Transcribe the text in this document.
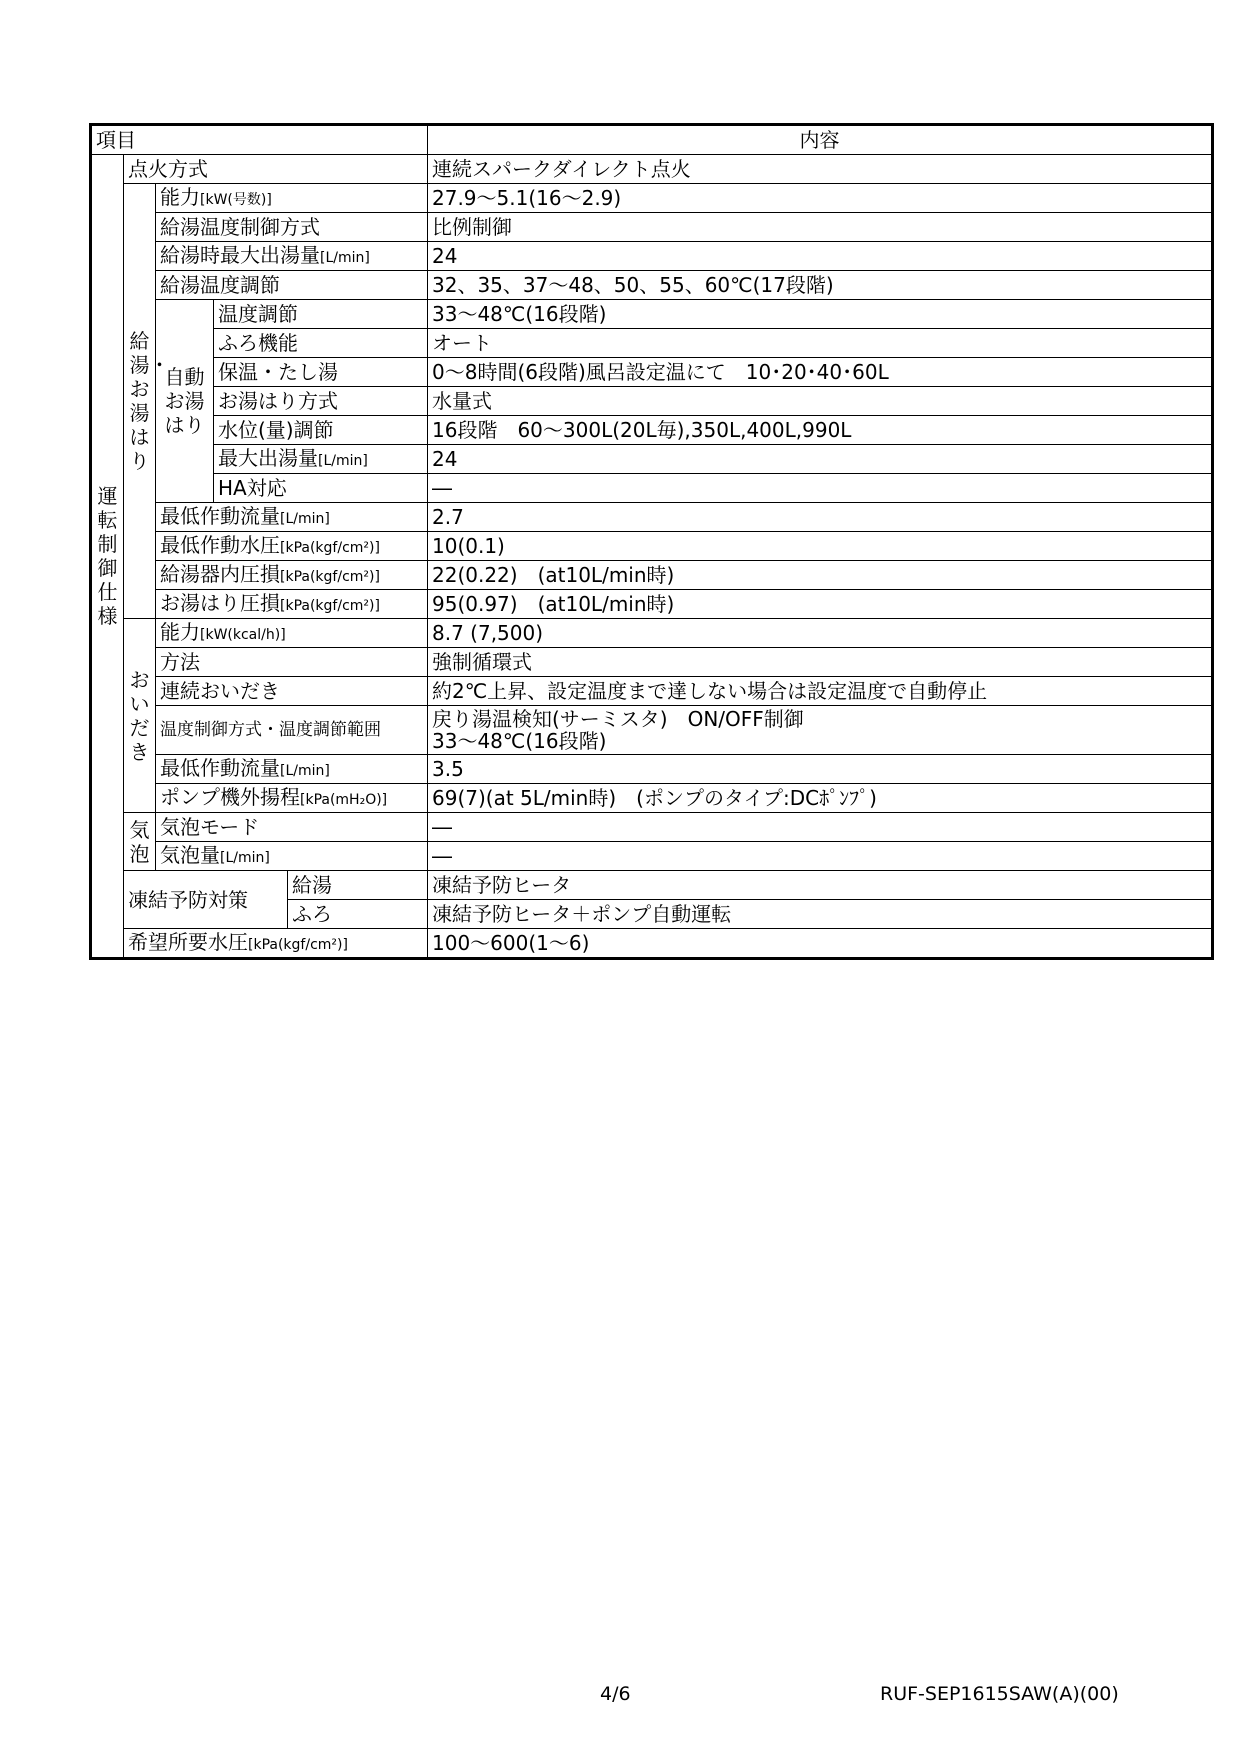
項目					内容

運転制御仕様	点火方式				連続スパークダイレクト点火

	給湯・お湯はり	能力[kW(号数)]			27.9～5.1(16～2.9)
		給湯温度制御方式			比例制御
		給湯時最大出湯量[L/min]			24
		給湯温度調節			32、35、37～48、50、55、60℃(17段階)

		自動
お湯
はり	温度調節		33～48℃(16段階)
			ふろ機能		オート
			保温・たし湯		0～8時間(6段階)風呂設定温にて　10･20･40･60L
			お湯はり方式		水量式
			水位(量)調節		16段階　60～300L(20L毎),350L,400L,990L
			最大出湯量[L/min]		24
			HA対応		―
		最低作動流量[L/min]			2.7
		最低作動水圧[kPa(kgf/cm²)]			10(0.1)
		給湯器内圧損[kPa(kgf/cm²)]			22(0.22)　(at10L/min時)
		お湯はり圧損[kPa(kgf/cm²)]			95(0.97)　(at10L/min時)

	おいだき	能力[kW(kcal/h)]			8.7 (7,500)
		方法			強制循環式
		連続おいだき			約2℃上昇、設定温度まで達しない場合は設定温度で自動停止
		温度制御方式・温度調節範囲			戻り湯温検知(サーミスタ)　ON/OFF制御
33～48℃(16段階)

		最低作動流量[L/min]			3.5
		ポンプ機外揚程[kPa(mH₂O)]			69(7)(at 5L/min時)　(ポンプのタイプ:DCﾎﾟﾝﾌﾟ)

	気泡	気泡モード			―
		気泡量[L/min]			―
	凍結予防対策			給湯	凍結予防ヒータ
				ふろ	凍結予防ヒータ＋ポンプ自動運転
	希望所要水圧[kPa(kgf/cm²)]				100～600(1～6)
4/6	RUF-SEP1615SAW(A)(00)
